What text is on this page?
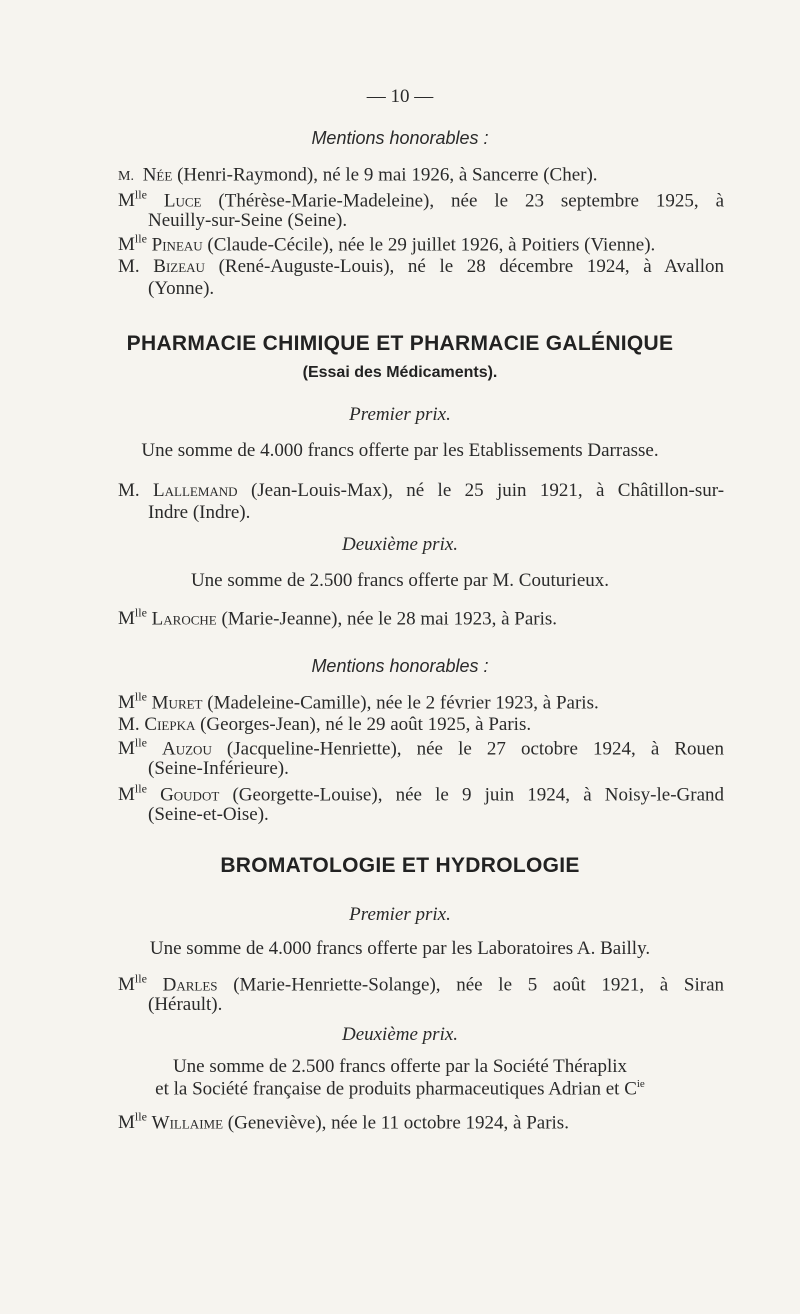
— 10 —
Mentions honorables :
M. Née (Henri-Raymond), né le 9 mai 1926, à Sancerre (Cher).
$M^{lle}$ Luce (Thérèse-Marie-Madeleine), née le 23 septembre 1925, à
Neuilly-sur-Seine (Seine).
$M^{lle}$ Pineau (Claude-Cécile), née le 29 juillet 1926, à Poitiers (Vienne).
M. Bizeau (René-Auguste-Louis), né le 28 décembre 1924, à Avallon
(Yonne).
PHARMACIE CHIMIQUE ET PHARMACIE GALÉNIQUE
(Essai des Médicaments).
Premier prix.
Une somme de 4.000 francs offerte par les Etablissements Darrasse.
M. Lallemand (Jean-Louis-Max), né le 25 juin 1921, à Châtillon-sur-
Indre (Indre).
Deuxième prix.
Une somme de 2.500 francs offerte par M. Couturieux.
$M^{lle}$ Laroche (Marie-Jeanne), née le 28 mai 1923, à Paris.
Mentions honorables :
$M^{lle}$ Muret (Madeleine-Camille), née le 2 février 1923, à Paris.
M. Ciepka (Georges-Jean), né le 29 août 1925, à Paris.
$M^{lle}$ Auzou (Jacqueline-Henriette), née le 27 octobre 1924, à Rouen
(Seine-Inférieure).
$M^{lle}$ Goudot (Georgette-Louise), née le 9 juin 1924, à Noisy-le-Grand
(Seine-et-Oise).
BROMATOLOGIE ET HYDROLOGIE
Premier prix.
Une somme de 4.000 francs offerte par les Laboratoires A. Bailly.
$M^{lle}$ Darles (Marie-Henriette-Solange), née le 5 août 1921, à Siran
(Hérault).
Deuxième prix.
Une somme de 2.500 francs offerte par la Société Théraplix
et la Société française de produits pharmaceutiques Adrian et $C^{ie}$
$M^{lle}$ Willaime (Geneviève), née le 11 octobre 1924, à Paris.
